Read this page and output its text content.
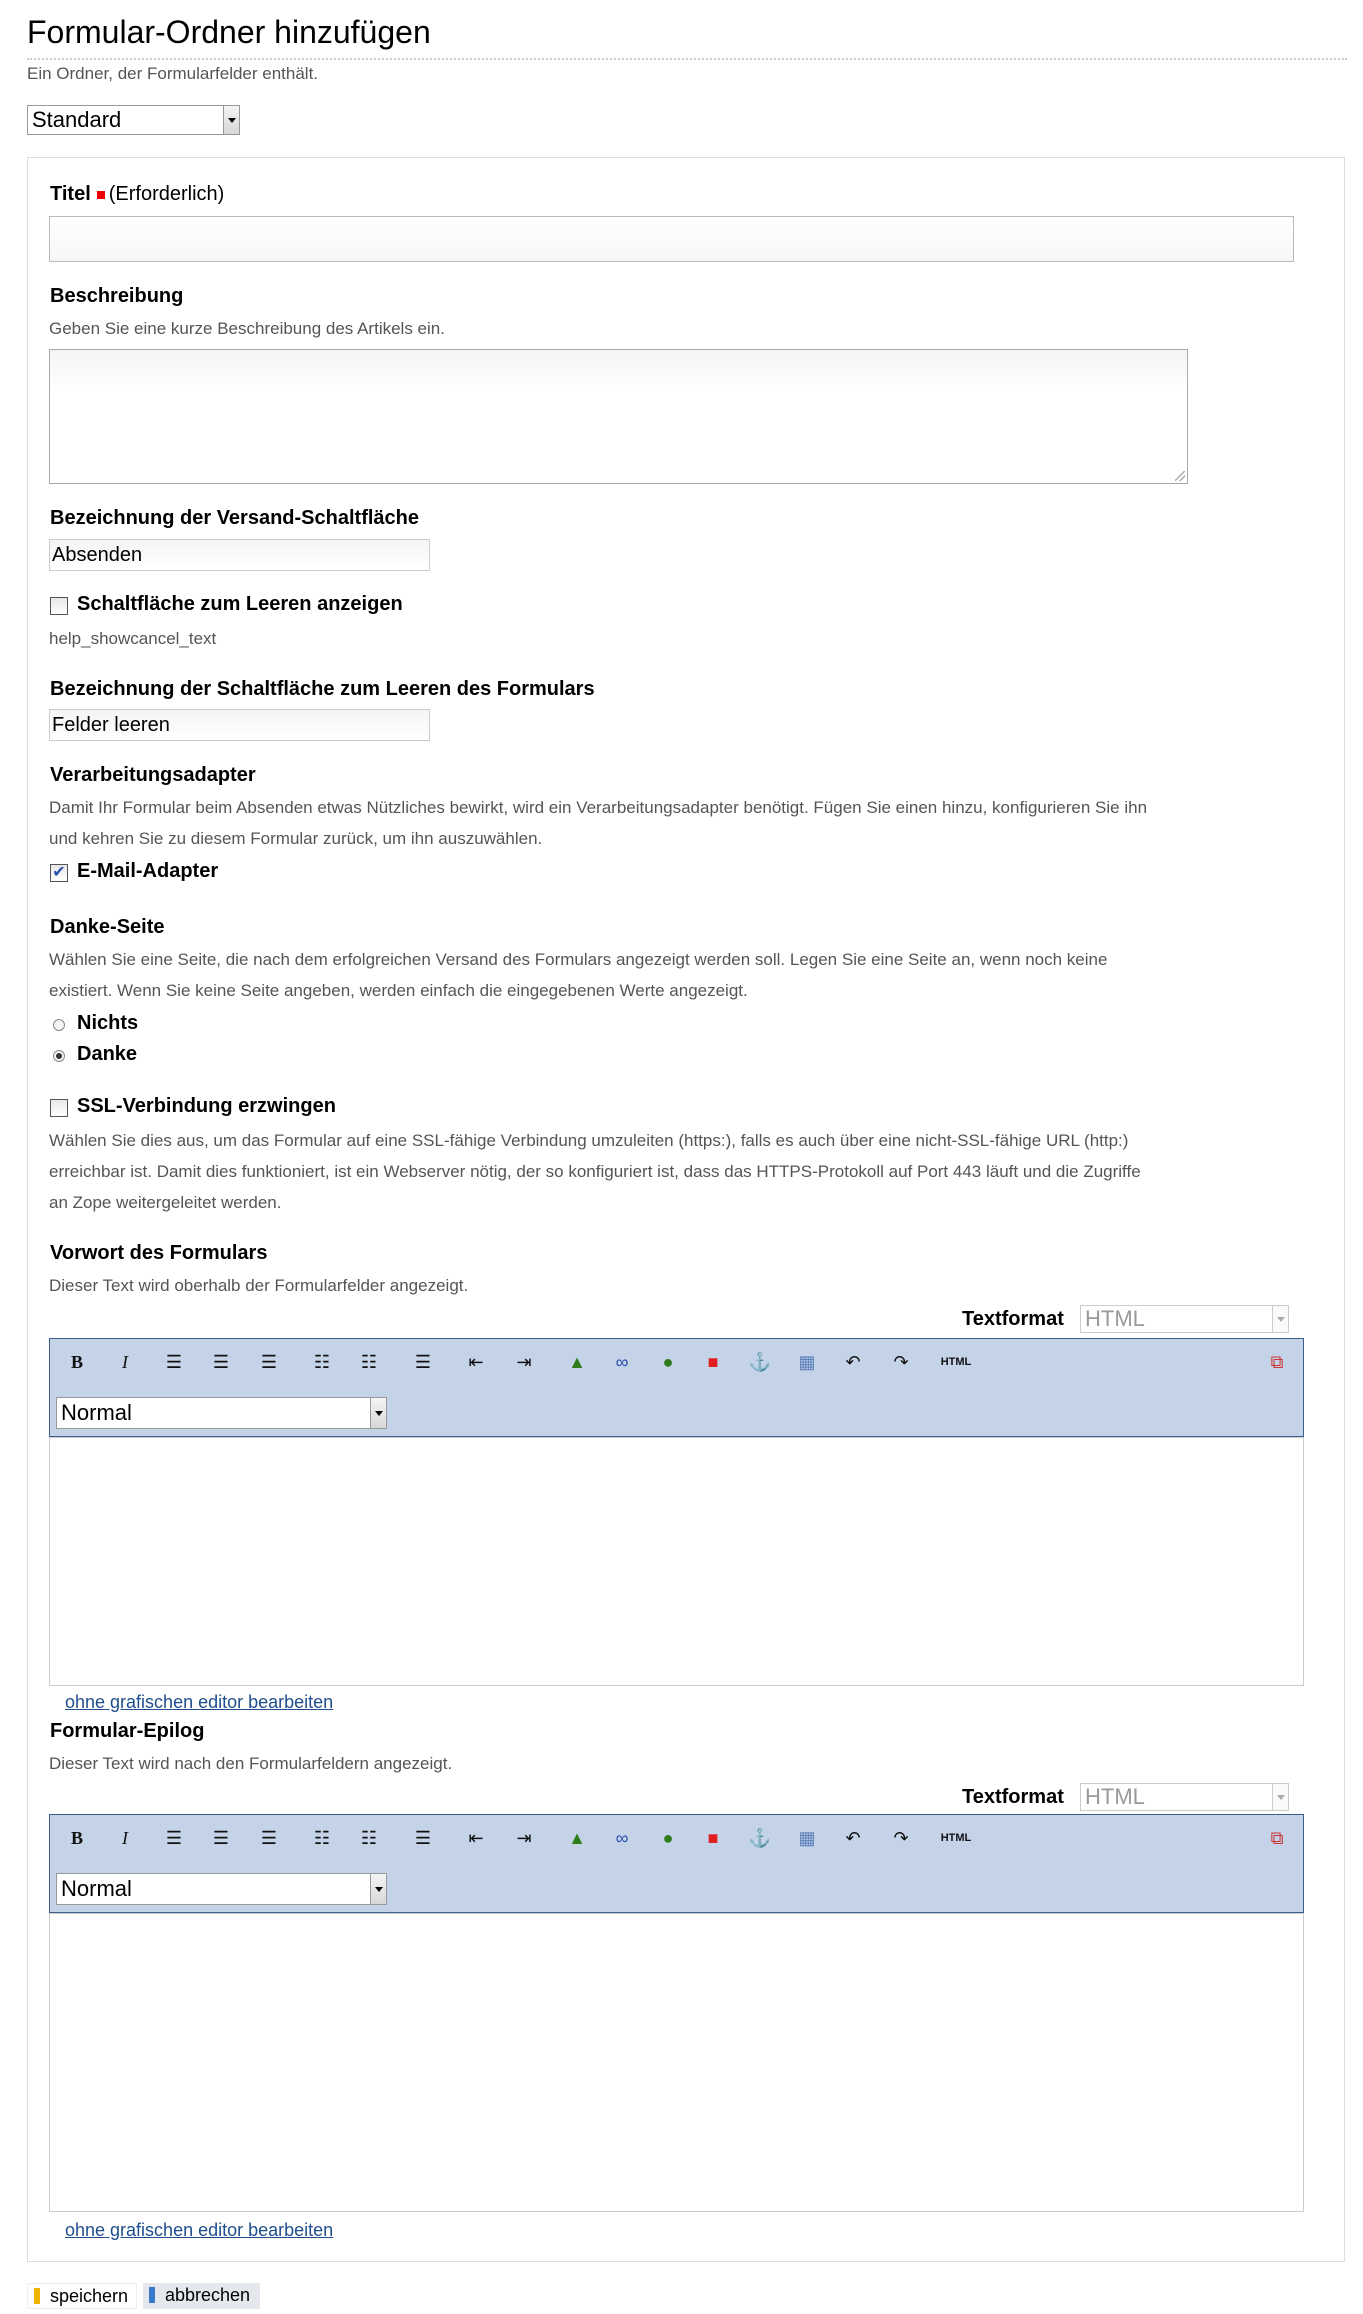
Formular-Ordner hinzufügen
Ein Ordner, der Formularfelder enthält.
Standard
Titel (Erforderlich)
Beschreibung
Geben Sie eine kurze Beschreibung des Artikels ein.
Bezeichnung der Versand-Schaltfläche
Absenden
Schaltfläche zum Leeren anzeigen
help_showcancel_text
Bezeichnung der Schaltfläche zum Leeren des Formulars
Felder leeren
Verarbeitungsadapter
Damit Ihr Formular beim Absenden etwas Nützliches bewirkt, wird ein Verarbeitungsadapter benötigt. Fügen Sie einen hinzu, konfigurieren Sie ihn
und kehren Sie zu diesem Formular zurück, um ihn auszuwählen.
✔
E-Mail-Adapter
Danke-Seite
Wählen Sie eine Seite, die nach dem erfolgreichen Versand des Formulars angezeigt werden soll. Legen Sie eine Seite an, wenn noch keine
existiert. Wenn Sie keine Seite angeben, werden einfach die eingegebenen Werte angezeigt.
Nichts
Danke
SSL-Verbindung erzwingen
Wählen Sie dies aus, um das Formular auf eine SSL-fähige Verbindung umzuleiten (https:), falls es auch über eine nicht-SSL-fähige URL (http:)
erreichbar ist. Damit dies funktioniert, ist ein Webserver nötig, der so konfiguriert ist, dass das HTTPS-Protokoll auf Port 443 läuft und die Zugriffe
an Zope weitergeleitet werden.
Vorwort des Formulars
Dieser Text wird oberhalb der Formularfelder angezeigt.
Textformat HTML
B	I	☰ ☰ ☰ ☷ ☷ ☰	⇤	⇥	▲	∞	●	■	⚓ ▦	↶	↷	HTML	⧉
Normal
ohne grafischen editor bearbeiten
Formular-Epilog
Dieser Text wird nach den Formularfeldern angezeigt.
Textformat HTML
B	I	☰ ☰ ☰ ☷ ☷ ☰	⇤	⇥	▲	∞	●	■	⚓ ▦	↶	↷	HTML	⧉
Normal
ohne grafischen editor bearbeiten
speichern	abbrechen
